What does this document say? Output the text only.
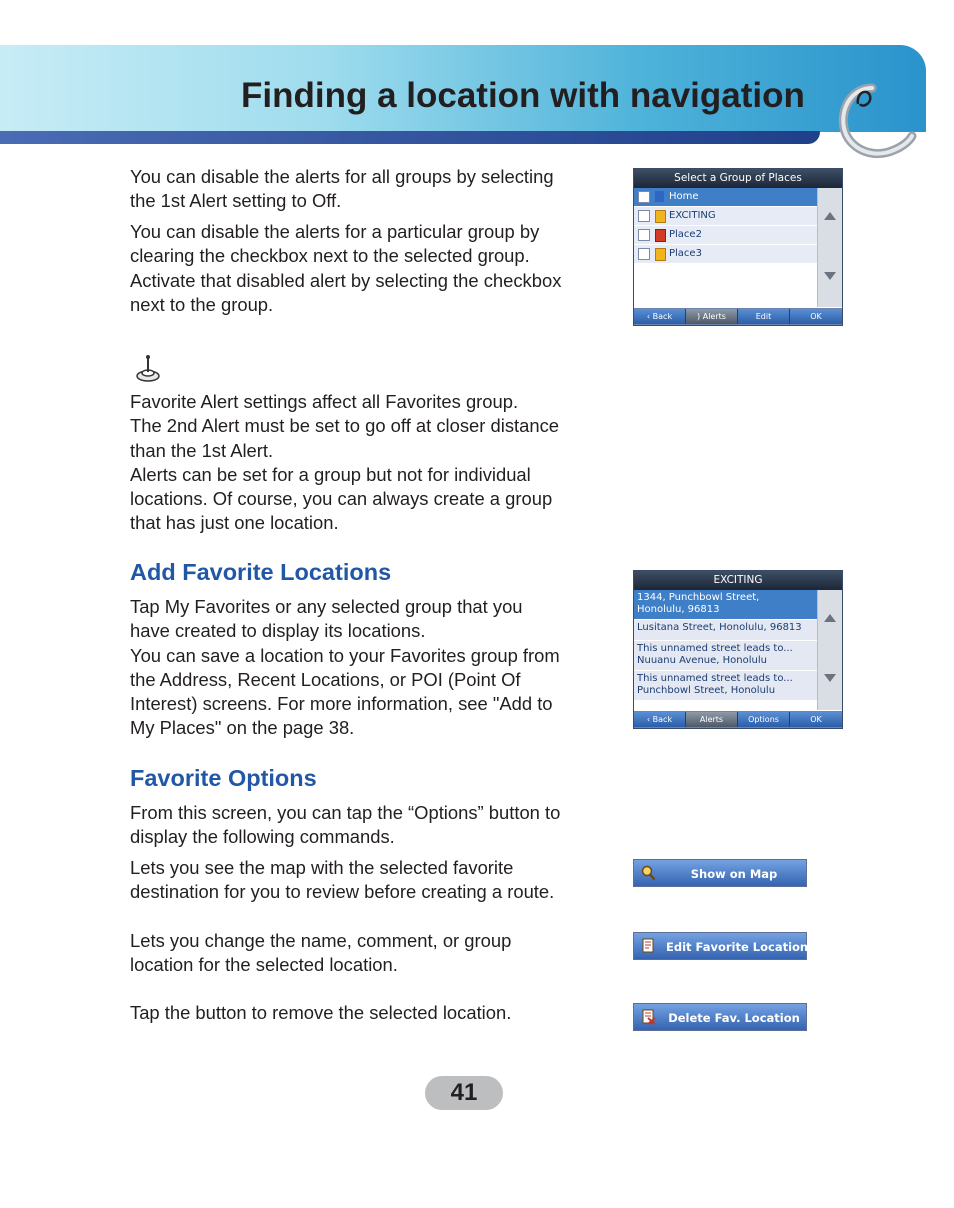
Finding a location with navigation

You can disable the alerts for all groups by selecting
the 1st Alert setting to Off.

You can disable the alerts for a particular group by
clearing the checkbox next to the selected group.
Activate that disabled alert by selecting the checkbox
next to the group.

Select a Group of Places
Home
EXCITING
Place2
Place3
‹ Back	) Alerts	Edit	OK

Favorite Alert settings affect all Favorites group.
The 2nd Alert must be set to go off at closer distance
than the 1st Alert.
Alerts can be set for a group but not for individual
locations. Of course, you can always create a group
that has just one location.

Add Favorite Locations

Tap My Favorites or any selected group that you
have created to display its locations.
You can save a location to your Favorites group from
the Address, Recent Locations, or POI (Point Of
Interest) screens. For more information, see "Add to
My Places" on the page 38.

EXCITING
1344, Punchbowl Street,
Honolulu, 96813
Lusitana Street, Honolulu, 96813
This unnamed street leads to...
Nuuanu Avenue, Honolulu
This unnamed street leads to...
Punchbowl Street, Honolulu
‹ Back	Alerts	Options	OK
Favorite Options

From this screen, you can tap the “Options” button to
display the following commands.

Lets you see the map with the selected favorite
destination for you to review before creating a route.

Lets you change the name, comment, or group
location for the selected location.

Tap the button to remove the selected location.

Show on Map
Edit Favorite Location
Delete Fav. Location
41
